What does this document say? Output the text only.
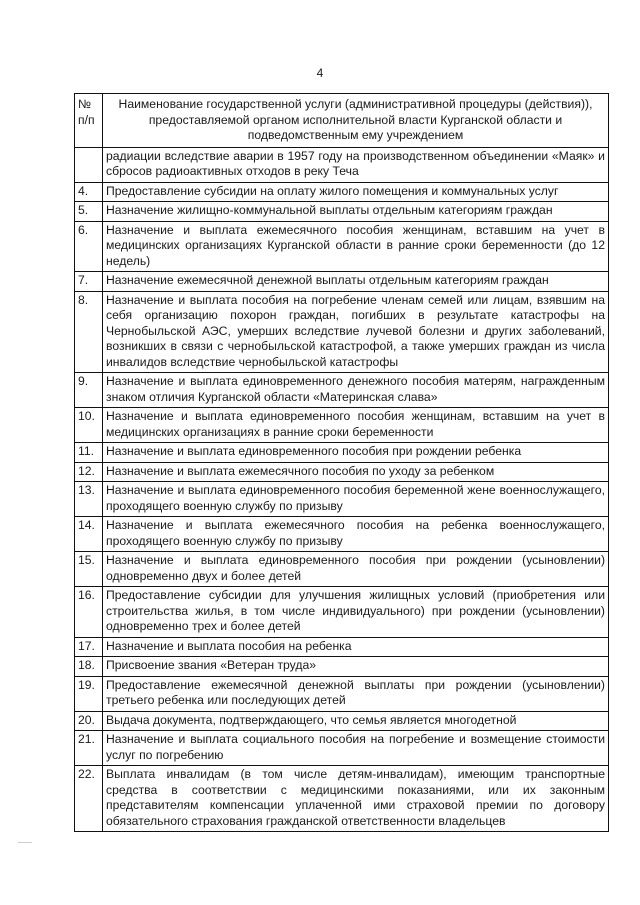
4
№ п/п	Наименование государственной услуги (административной процедуры (действия)), предоставляемой органом исполнительной власти Курганской области и подведомственным ему учреждением
	радиации вследствие аварии в 1957 году на производственном объединении «Маяк» и сбросов радиоактивных отходов в реку Теча
4.	Предоставление субсидии на оплату жилого помещения и коммунальных услуг
5.	Назначение жилищно-коммунальной выплаты отдельным категориям граждан
6.	Назначение и выплата ежемесячного пособия женщинам, вставшим на учет в медицинских организациях Курганской области в ранние сроки беременности (до 12 недель)
7.	Назначение ежемесячной денежной выплаты отдельным категориям граждан
8.	Назначение и выплата пособия на погребение членам семей или лицам, взявшим на себя организацию похорон граждан, погибших в результате катастрофы на Чернобыльской АЭС, умерших вследствие лучевой болезни и других заболеваний, возникших в связи с чернобыльской катастрофой, а также умерших граждан из числа инвалидов вследствие чернобыльской катастрофы
9.	Назначение и выплата единовременного денежного пособия матерям, награжденным знаком отличия Курганской области «Материнская слава»
10.	Назначение и выплата единовременного пособия женщинам, вставшим на учет в медицинских организациях в ранние сроки беременности
11.	Назначение и выплата единовременного пособия при рождении ребенка
12.	Назначение и выплата ежемесячного пособия по уходу за ребенком
13.	Назначение и выплата единовременного пособия беременной жене военнослужащего, проходящего военную службу по призыву
14.	Назначение и выплата ежемесячного пособия на ребенка военнослужащего, проходящего военную службу по призыву
15.	Назначение и выплата единовременного пособия при рождении (усыновлении) одновременно двух и более детей
16.	Предоставление субсидии для улучшения жилищных условий (приобретения или строительства жилья, в том числе индивидуального) при рождении (усыновлении) одновременно трех и более детей
17.	Назначение и выплата пособия на ребенка
18.	Присвоение звания «Ветеран труда»
19.	Предоставление ежемесячной денежной выплаты при рождении (усыновлении) третьего ребенка или последующих детей
20.	Выдача документа, подтверждающего, что семья является многодетной
21.	Назначение и выплата социального пособия на погребение и возмещение стоимости услуг по погребению
22.	Выплата инвалидам (в том числе детям-инвалидам), имеющим транспортные средства в соответствии с медицинскими показаниями, или их законным представителям компенсации уплаченной ими страховой премии по договору обязательного страхования гражданской ответственности владельцев
